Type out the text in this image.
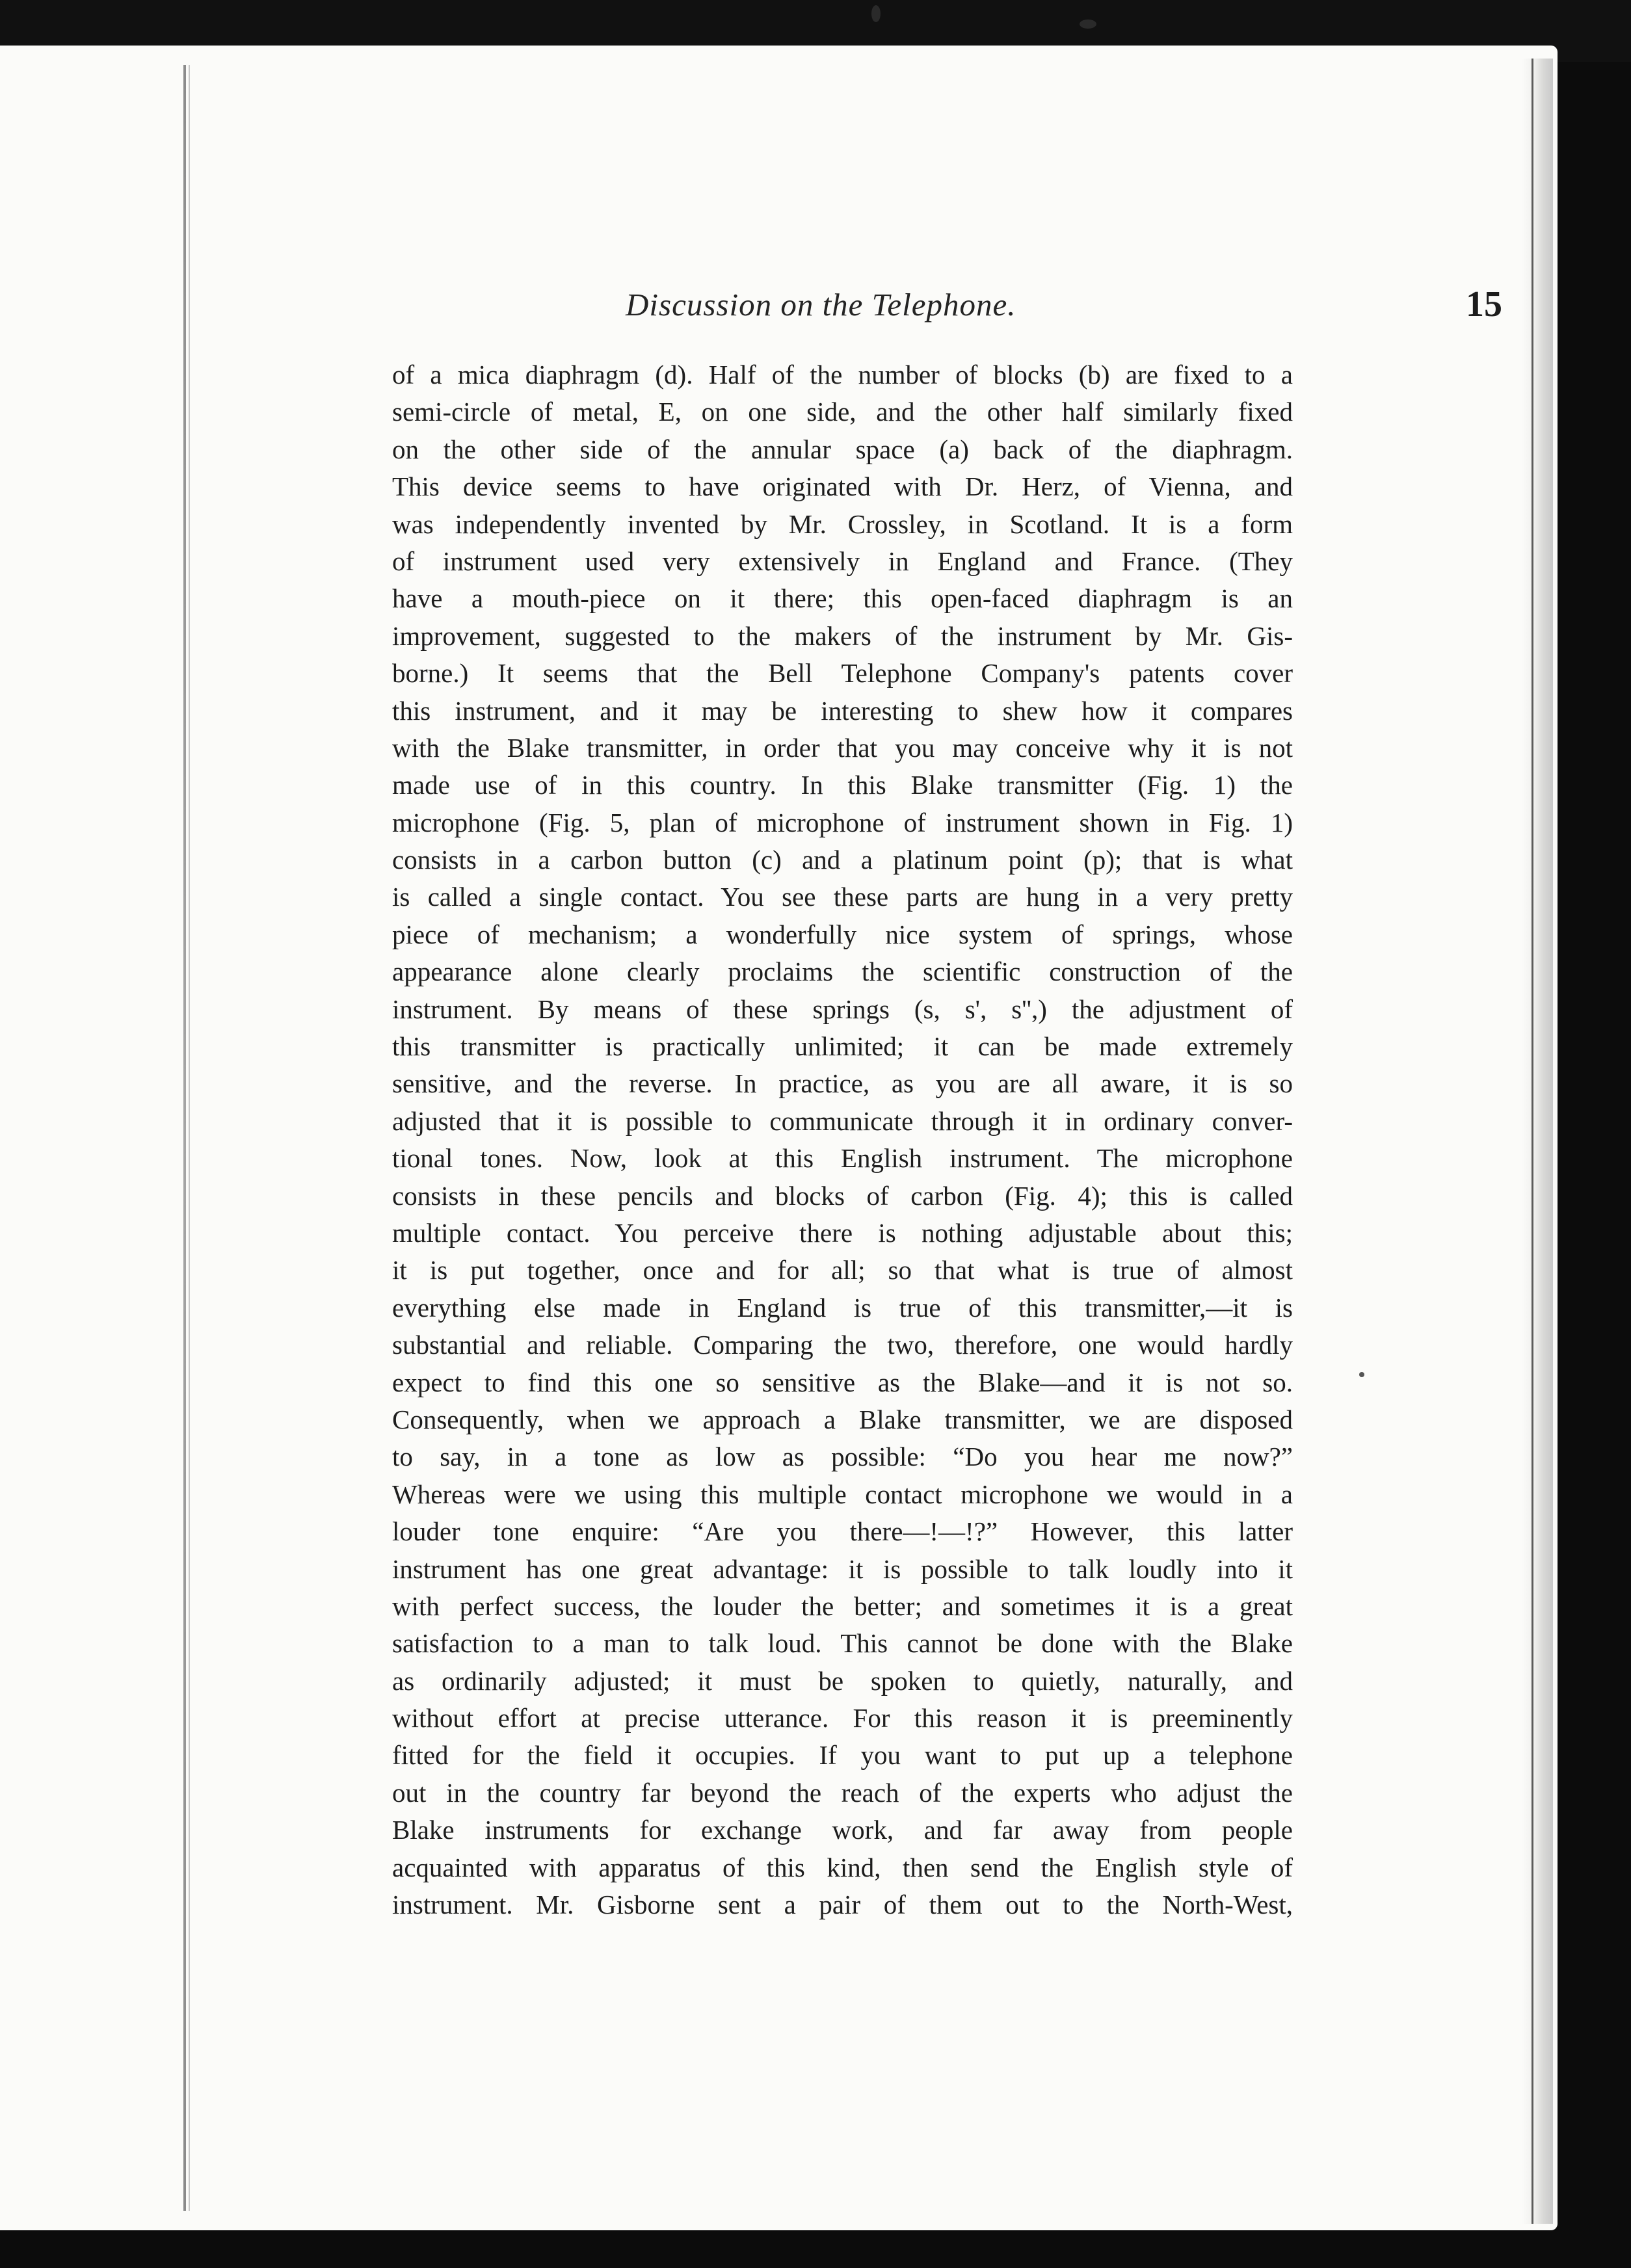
Discussion on the Telephone.	15
of a mica diaphragm (d). Half of the number of blocks (b) are fixed to a
semi-circle of metal, E, on one side, and the other half similarly fixed
on the other side of the annular space (a) back of the diaphragm.
This device seems to have originated with Dr. Herz, of Vienna, and
was independently invented by Mr. Crossley, in Scotland. It is a form
of instrument used very extensively in England and France. (They
have a mouth-piece on it there; this open-faced diaphragm is an
improvement, suggested to the makers of the instrument by Mr. Gis-
borne.) It seems that the Bell Telephone Company's patents cover
this instrument, and it may be interesting to shew how it compares
with the Blake transmitter, in order that you may conceive why it is not
made use of in this country. In this Blake transmitter (Fig. 1) the
microphone (Fig. 5, plan of microphone of instrument shown in Fig. 1)
consists in a carbon button (c) and a platinum point (p); that is what
is called a single contact. You see these parts are hung in a very pretty
piece of mechanism; a wonderfully nice system of springs, whose
appearance alone clearly proclaims the scientific construction of the
instrument. By means of these springs (s, s', s'',) the adjustment of
this transmitter is practically unlimited; it can be made extremely
sensitive, and the reverse. In practice, as you are all aware, it is so
adjusted that it is possible to communicate through it in ordinary conver-
tional tones. Now, look at this English instrument. The microphone
consists in these pencils and blocks of carbon (Fig. 4); this is called
multiple contact. You perceive there is nothing adjustable about this;
it is put together, once and for all; so that what is true of almost
everything else made in England is true of this transmitter,—it is
substantial and reliable. Comparing the two, therefore, one would hardly
expect to find this one so sensitive as the Blake—and it is not so.
Consequently, when we approach a Blake transmitter, we are disposed
to say, in a tone as low as possible: “Do you hear me now?”
Whereas were we using this multiple contact microphone we would in a
louder tone enquire: “Are you there—!—!?” However, this latter
instrument has one great advantage: it is possible to talk loudly into it
with perfect success, the louder the better; and sometimes it is a great
satisfaction to a man to talk loud. This cannot be done with the Blake
as ordinarily adjusted; it must be spoken to quietly, naturally, and
without effort at precise utterance. For this reason it is preeminently
fitted for the field it occupies. If you want to put up a telephone
out in the country far beyond the reach of the experts who adjust the
Blake instruments for exchange work, and far away from people
acquainted with apparatus of this kind, then send the English style of
instrument. Mr. Gisborne sent a pair of them out to the North-West,
